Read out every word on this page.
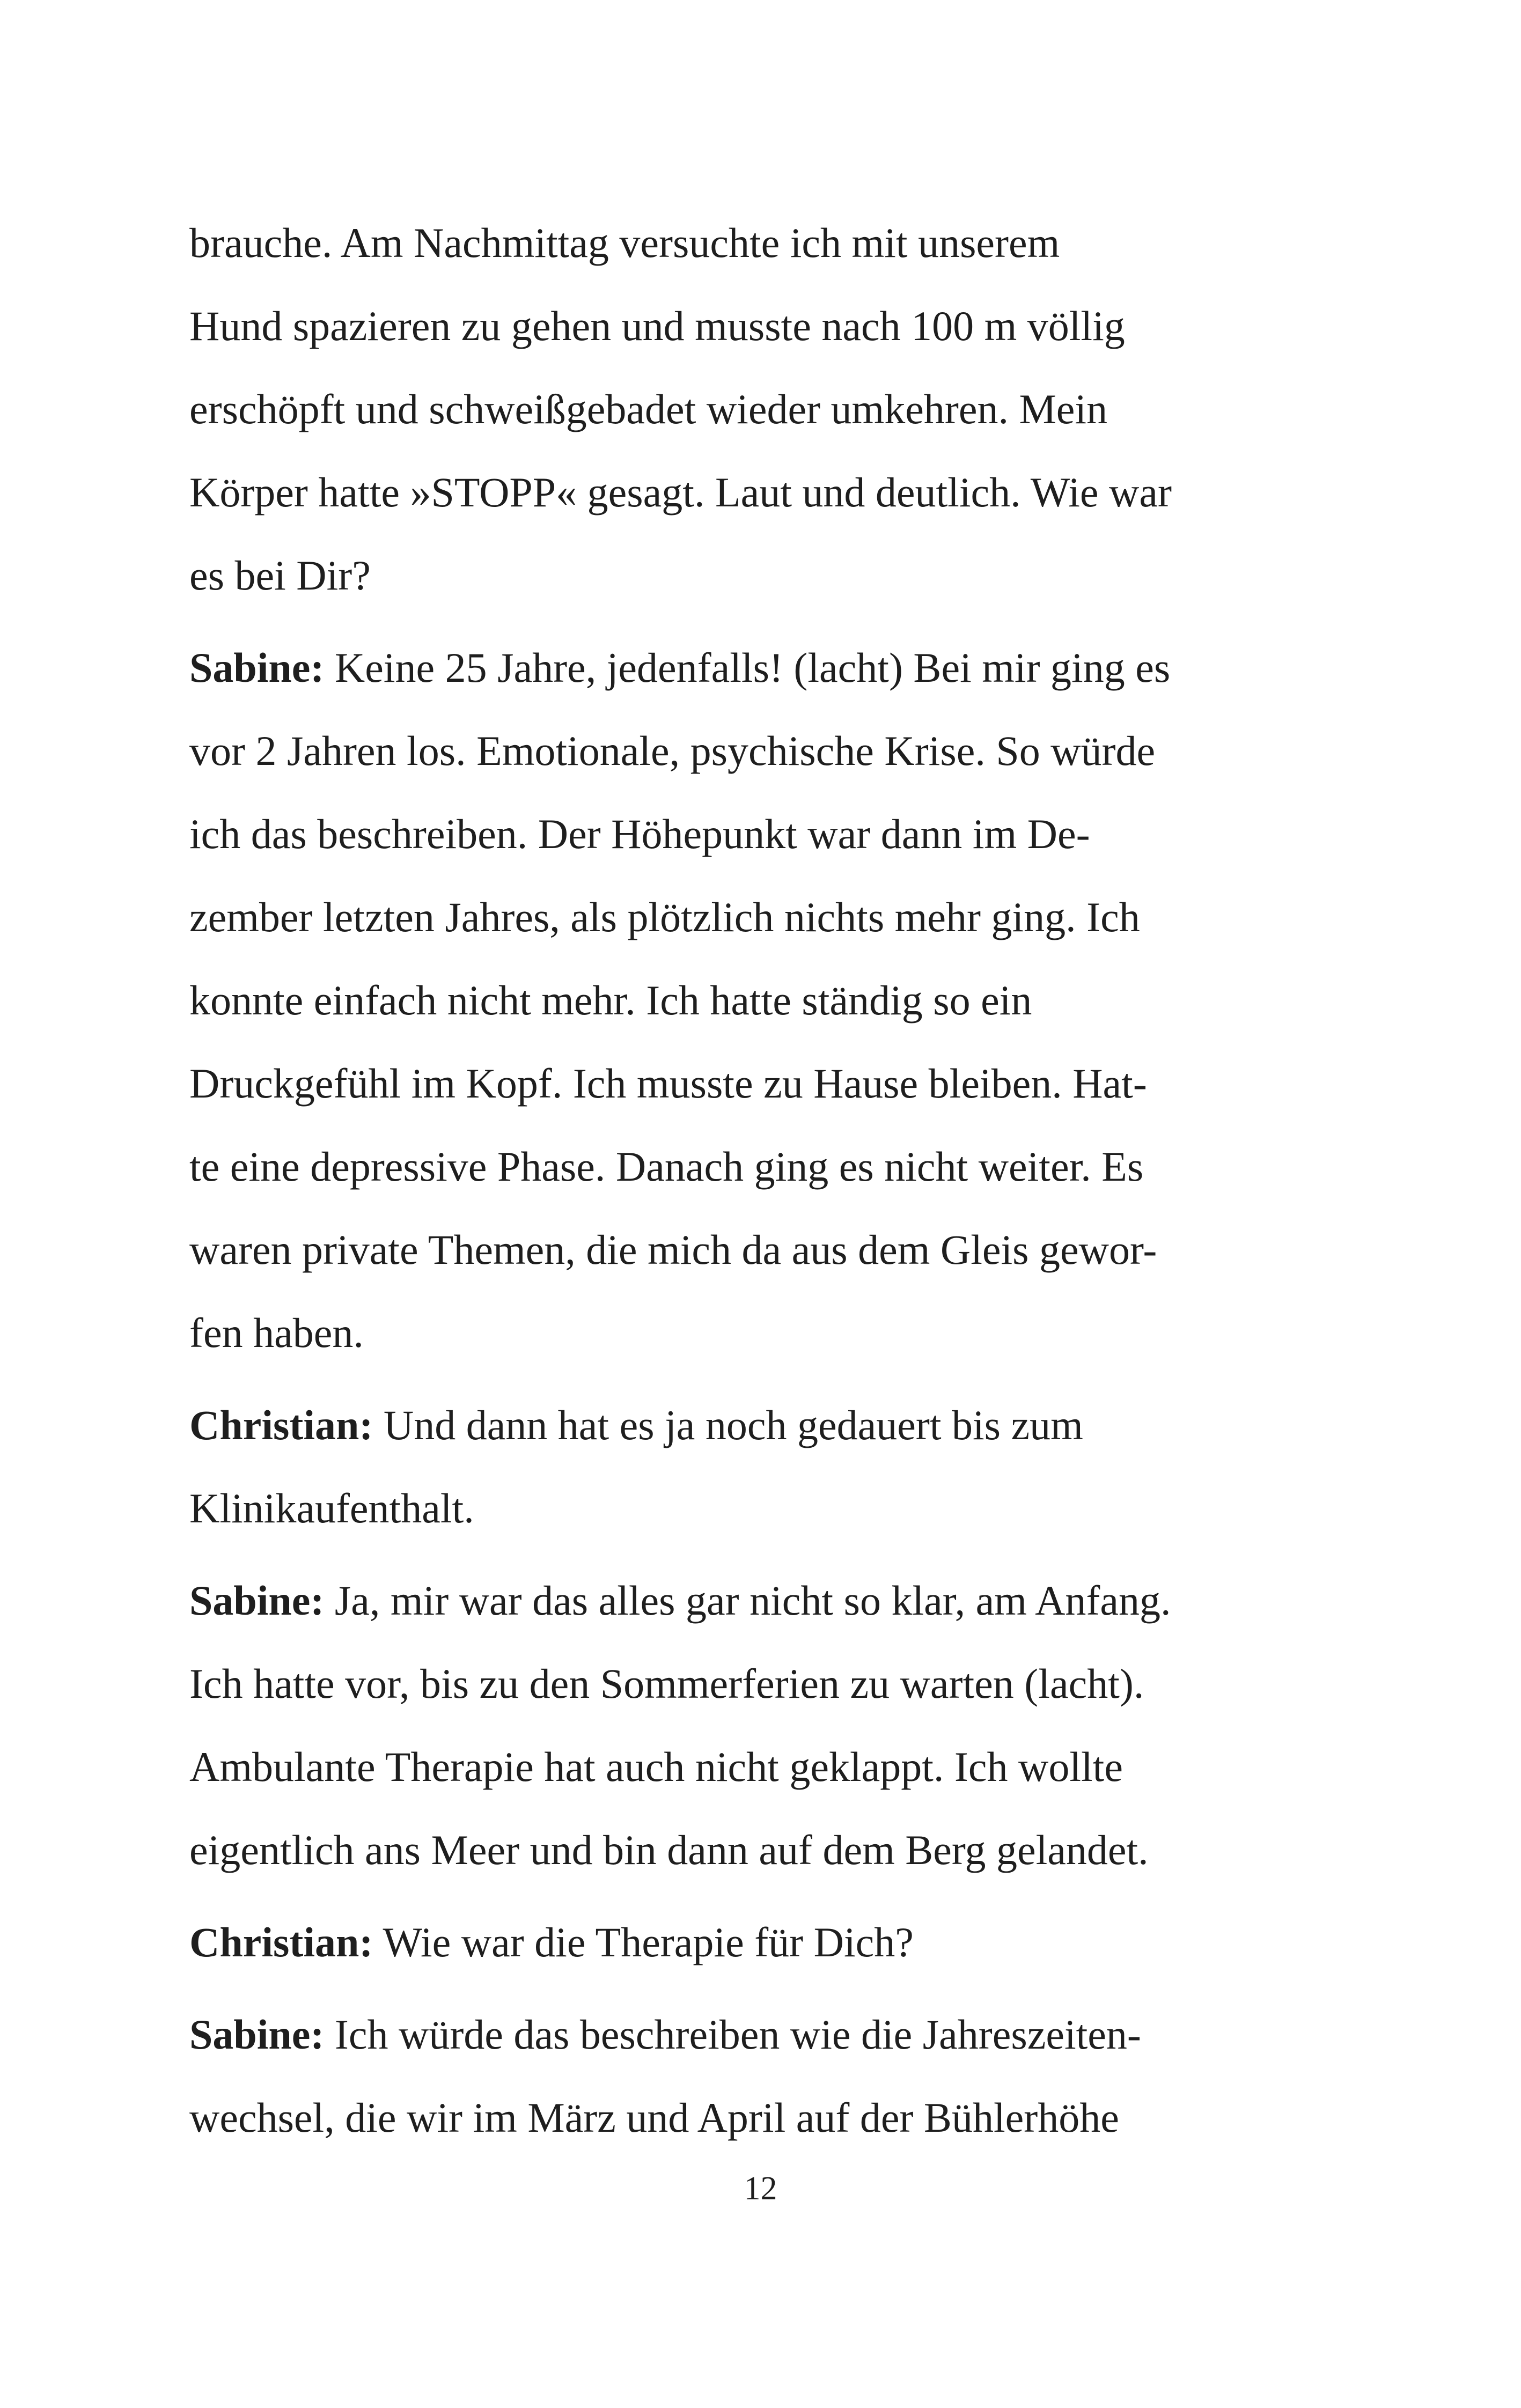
brauche. Am Nachmittag versuchte ich mit unserem
Hund spazieren zu gehen und musste nach 100 m völlig
erschöpft und schweißgebadet wieder umkehren. Mein
Körper hatte »STOPP« gesagt. Laut und deutlich. Wie war
es bei Dir?
Sabine: Keine 25 Jahre, jedenfalls! (lacht) Bei mir ging es
vor 2 Jahren los. Emotionale, psychische Krise. So würde
ich das beschreiben. Der Höhepunkt war dann im De-
zember letzten Jahres, als plötzlich nichts mehr ging. Ich
konnte einfach nicht mehr. Ich hatte ständig so ein
Druckgefühl im Kopf. Ich musste zu Hause bleiben. Hat-
te eine depressive Phase. Danach ging es nicht weiter. Es
waren private Themen, die mich da aus dem Gleis gewor-
fen haben.
Christian: Und dann hat es ja noch gedauert bis zum
Klinikaufenthalt.
Sabine: Ja, mir war das alles gar nicht so klar, am Anfang.
Ich hatte vor, bis zu den Sommerferien zu warten (lacht).
Ambulante Therapie hat auch nicht geklappt. Ich wollte
eigentlich ans Meer und bin dann auf dem Berg gelandet.
Christian: Wie war die Therapie für Dich?
Sabine: Ich würde das beschreiben wie die Jahreszeiten-
wechsel, die wir im März und April auf der Bühlerhöhe
12
